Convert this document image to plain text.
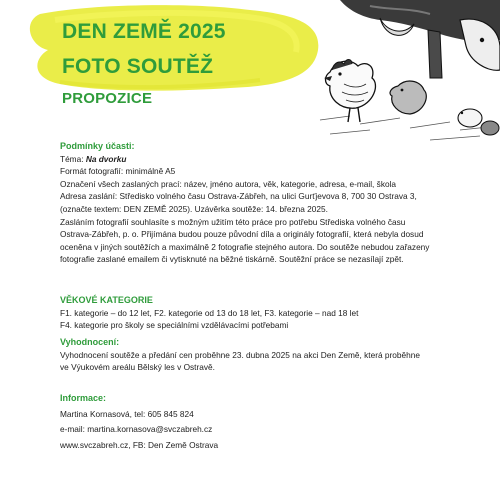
DEN ZEMĚ 2025
FOTO SOUTĚŽ
PROPOZICE
Podmínky účasti:
Téma: Na dvorku
Formát fotografií: minimálně A5
Označení všech zaslaných prací: název, jméno autora, věk, kategorie, adresa, e-mail, škola
Adresa zaslání: Středisko volného času Ostrava-Zábřeh, na ulici Gurťjevova 8, 700 30 Ostrava 3,
(označte textem: DEN ZEMĚ 2025). Uzávěrka soutěže: 14. března 2025.
Zasláním fotografií souhlasíte s možným užitím této práce pro potřebu Střediska volného času
Ostrava-Zábřeh, p. o. Přijímána budou pouze původní díla a originály fotografií, která nebyla dosud
oceněna v jiných soutěžích a maximálně 2 fotografie stejného autora. Do soutěže nebudou zařazeny
fotografie zaslané emailem či vytisknuté na běžné tiskárně. Soutěžní práce se nezasílají zpět.
VĚKOVÉ KATEGORIE
F1. kategorie – do 12 let, F2. kategorie od 13 do 18 let, F3. kategorie – nad 18 let
F4. kategorie pro školy se speciálními vzdělávacími potřebami
Vyhodnocení:
Vyhodnocení soutěže a předání cen proběhne 23. dubna 2025 na akci Den Země, která proběhne
ve Výukovém areálu Bělský les v Ostravě.
Informace:
Martina Kornasová, tel: 605 845 824
e-mail: martina.kornasova@svczabreh.cz
www.svczabreh.cz, FB: Den Země Ostrava
